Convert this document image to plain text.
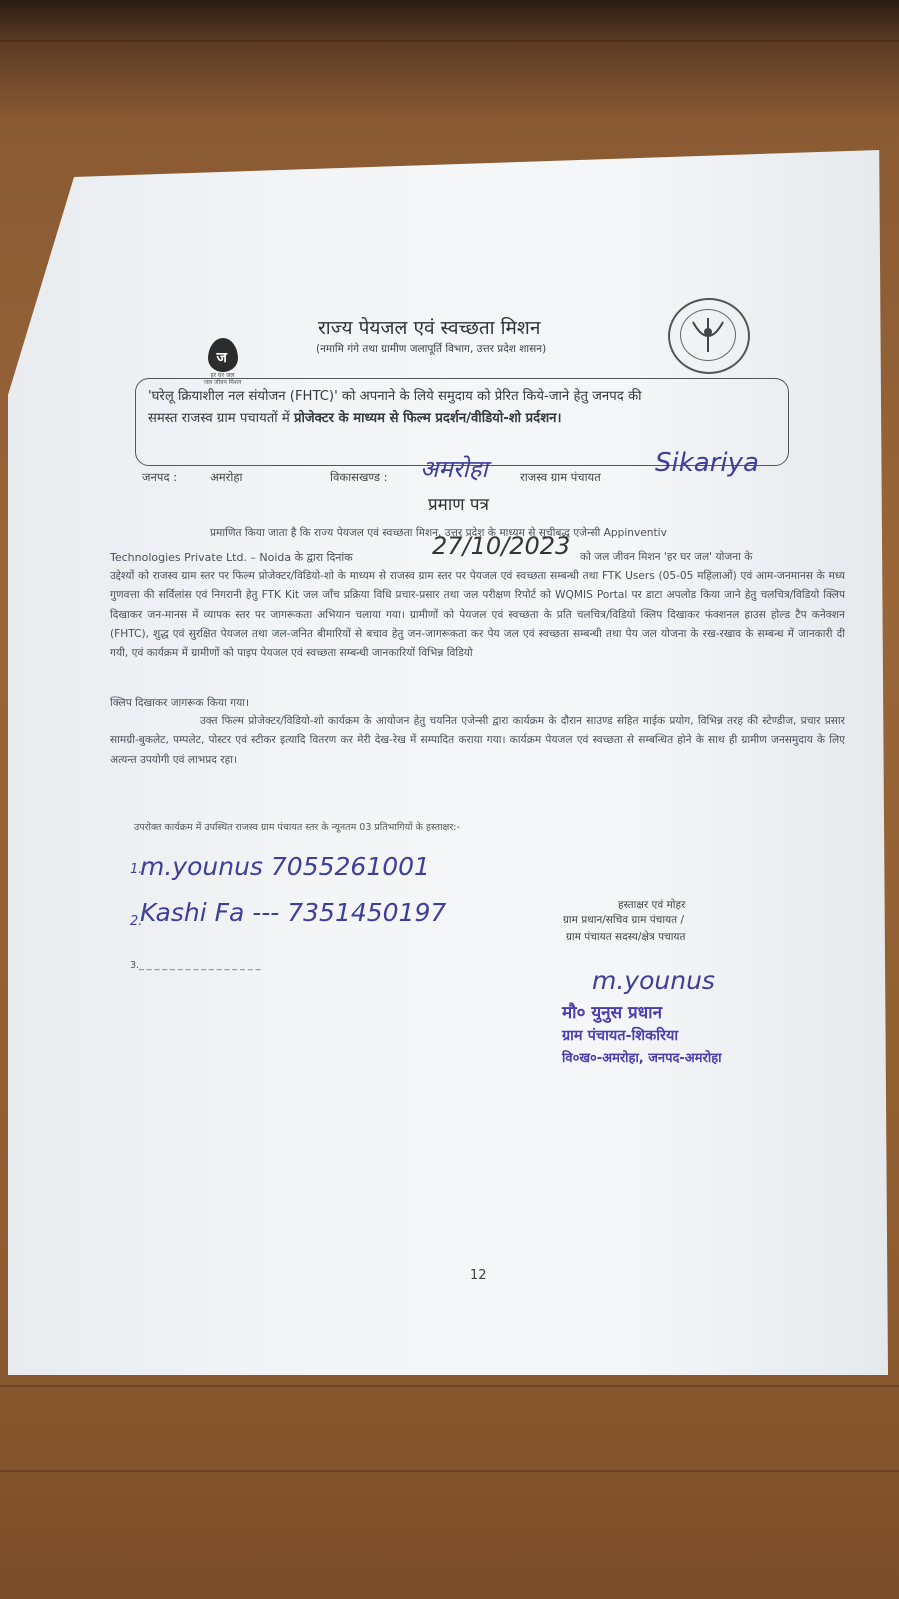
ज
हर घर जल
जल जीवन मिशन
राज्य पेयजल एवं स्वच्छता मिशन
(नमामि गंगे तथा ग्रामीण जलापूर्ति विभाग, उत्तर प्रदेश शासन)
'घरेलू क्रियाशील नल संयोजन (FHTC)' को अपनाने के लिये समुदाय को प्रेरित किये-जाने हेतु जनपद की
समस्त राजस्व ग्राम पचायतों में प्रोजेक्टर के माध्यम से फिल्म प्रदर्शन/वीडियो-शो प्रर्दशन।
जनपद :	अमरोहा	विकासखण्ड : अमरोहा	राजस्व ग्राम पंचायत Sikariya
प्रमाण पत्र
प्रमाणित किया जाता है कि राज्य पेयजल एवं स्वच्छता मिशन, उत्तर प्रदेश के माध्यम से सूचीबद्ध एजेन्सी Appinventiv
Technologies Private Ltd. – Noida के द्वारा दिनांक	27/10/2023 को जल जीवन मिशन 'हर घर जल' योजना के
उद्देश्यों को राजस्व ग्राम स्तर पर फिल्म प्रोजेक्टर/विडियो-शो के माध्यम से राजस्व ग्राम स्तर पर पेयजल एवं स्वच्छता सम्बन्धी तथा FTK Users (05-05 महिलाओं) एवं आम-जनमानस के मध्य गुणवत्ता की सर्विलांस एवं निगरानी हेतु FTK Kit जल जाँच प्रक्रिया विधि प्रचार-प्रसार तथा जल परीक्षण रिपोर्ट को WQMIS Portal पर डाटा अपलोड किया जाने हेतु चलचित्र/विडियो क्लिप दिखाकर जन-मानस में व्यापक स्तर पर जागरूकता अभियान चलाया गया। ग्रामीणों को पेयजल एवं स्वच्छता के प्रति चलचित्र/विडियो क्लिप दिखाकर फंक्शनल हाउस होल्ड टैप कनेक्शन (FHTC), शुद्ध एवं सुरक्षित पेयजल तथा जल-जनित बीमारियों से बचाव हेतु जन-जागरूकता कर पेय जल एवं स्वच्छता सम्बन्धी तथा पेय जल योजना के रख-रखाव के सम्बन्ध में जानकारी दी गयी, एवं कार्यक्रम में ग्रामीणों को पाइप पेयजल एवं स्वच्छता सम्बन्धी जानकारियों विभिन्न विडियो
क्लिप दिखाकर जागरूक किया गया।
उक्त फिल्म प्रोजेक्टर/विडियो-शो कार्यक्रम के आयोजन हेतु चयनित एजेन्सी द्वारा कार्यक्रम के दौरान साउण्ड सहित माईक प्रयोग, विभिन्न तरह की स्टेण्डीज, प्रचार प्रसार सामग्री-बुकलेट, पम्पलेट, पोस्टर एवं स्टीकर इत्यादि वितरण कर मेरी देख-रेख में सम्पादित कराया गया। कार्यक्रम पेयजल एवं स्वच्छता से सम्बन्धित होने के साथ ही ग्रामीण जनसमुदाय के लिए अत्यन्त उपयोगी एवं लाभप्रद रहा।
उपरोक्त कार्यक्रम में उपस्थित राजस्व ग्राम पंचायत स्तर के न्यूनतम 03 प्रतिभागियों के हस्ताक्षर:-
1.
m.younus 7055261001
2.
Kashi Fa --- 7351450197
3._ _ _ _ _ _ _ _ _ _ _ _ _ _ _ _
हस्ताक्षर एवं मोहर
ग्राम प्रधान/सचिव ग्राम पंचायत /
ग्राम पंचायत सदस्य/क्षेत्र पचायत
m.younus
मौ० युनुस प्रधान
ग्राम पंचायत-शिकरिया
वि०ख०-अमरोहा, जनपद-अमरोहा
12
